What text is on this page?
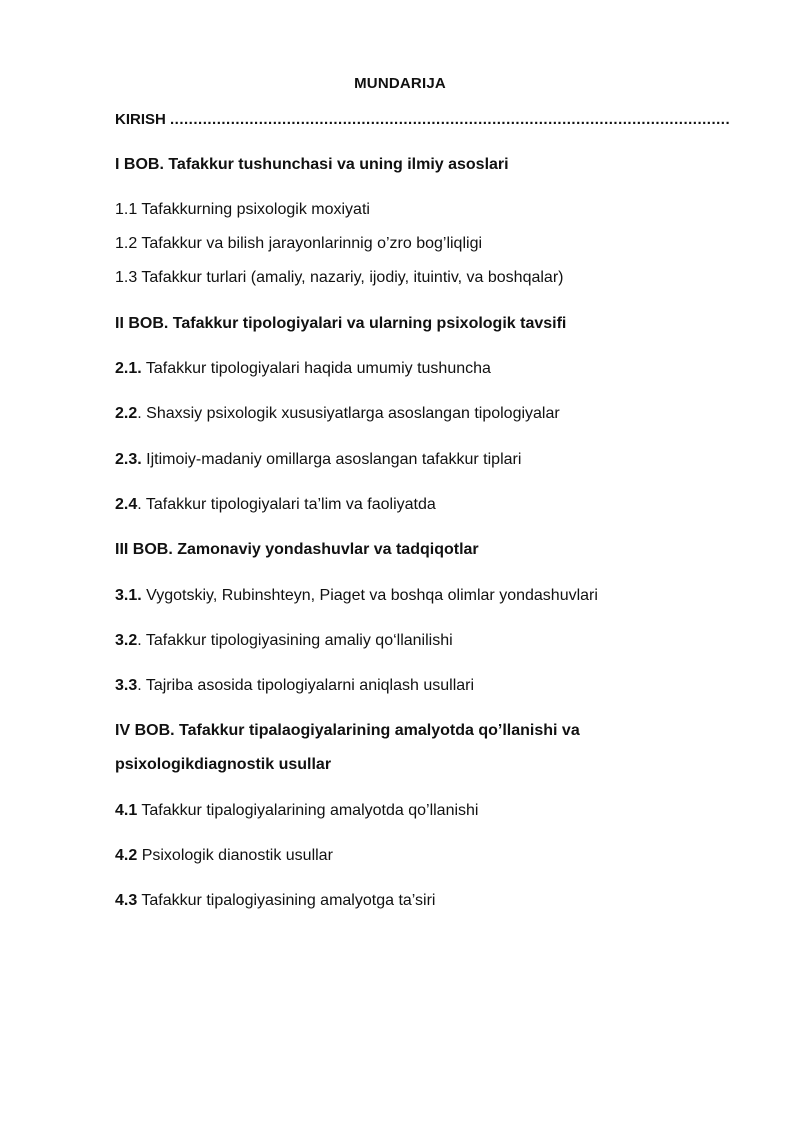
MUNDARIJA
KIRISH ........................................................................................................................
I BOB. Tafakkur tushunchasi va uning ilmiy asoslari
1.1 Tafakkurning psixologik moxiyati
1.2 Tafakkur va bilish jarayonlarinnig o’zro bog’liqligi
1.3 Tafakkur turlari (amaliy, nazariy, ijodiy, ituintiv, va boshqalar)
II BOB. Tafakkur tipologiyalari va ularning psixologik tavsifi
2.1. Tafakkur tipologiyalari haqida umumiy tushuncha
2.2. Shaxsiy psixologik xususiyatlarga asoslangan tipologiyalar
2.3. Ijtimoiy-madaniy omillarga asoslangan tafakkur tiplari
2.4. Tafakkur tipologiyalari ta’lim va faoliyatda
III BOB. Zamonaviy yondashuvlar va tadqiqotlar
3.1. Vygotskiy, Rubinshteyn, Piaget va boshqa olimlar yondashuvlari
3.2. Tafakkur tipologiyasining amaliy qo‘llanilishi
3.3. Tajriba asosida tipologiyalarni aniqlash usullari
IV BOB. Tafakkur tipalaogiyalarining amalyotda qo’llanishi va
psixologikdiagnostik usullar
4.1 Tafakkur tipalogiyalarining amalyotda qo’llanishi
4.2 Psixologik dianostik usullar
4.3 Tafakkur tipalogiyasining amalyotga ta’siri
